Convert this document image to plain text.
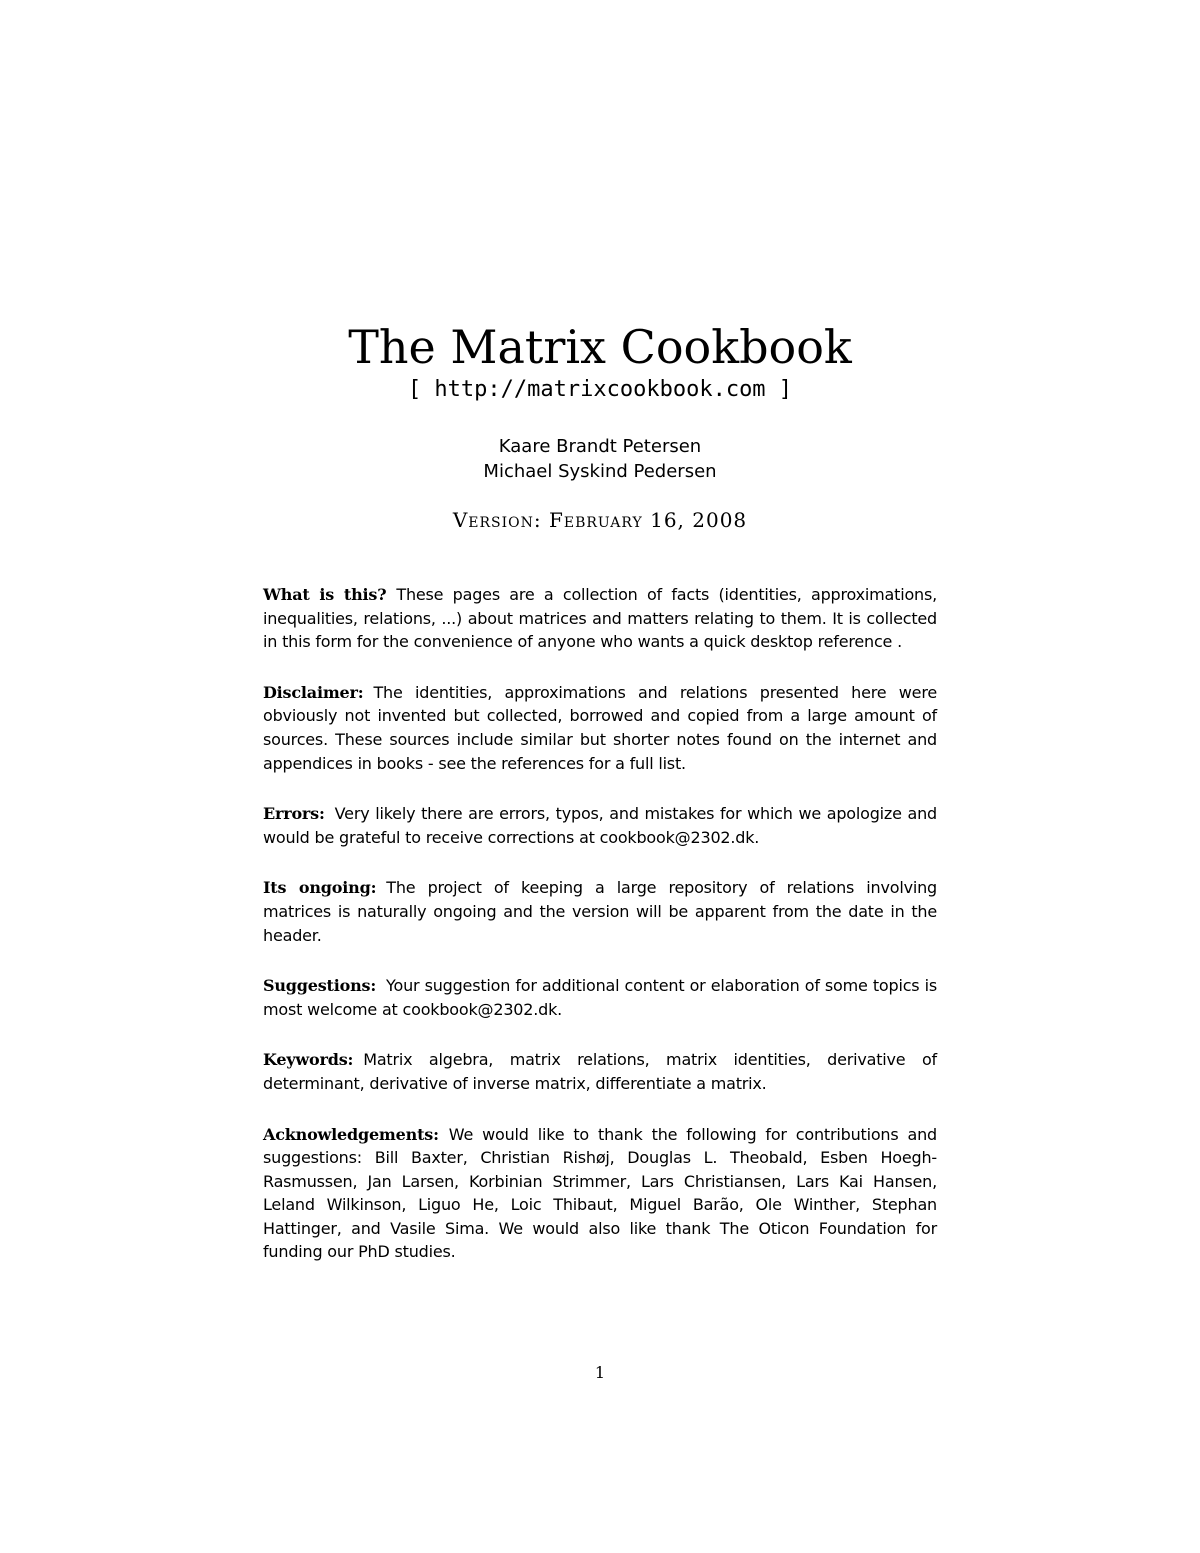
The Matrix Cookbook
[ http://matrixcookbook.com ]
Kaare Brandt Petersen
Michael Syskind Pedersen
Version: February 16, 2008

What is this? These pages are a collection of facts (identities, approximations, inequalities, relations, ...) about matrices and matters relating to them. It is collected in this form for the convenience of anyone who wants a quick desktop reference .

Disclaimer: The identities, approximations and relations presented here were obviously not invented but collected, borrowed and copied from a large amount of sources. These sources include similar but shorter notes found on the internet and appendices in books - see the references for a full list.

Errors: Very likely there are errors, typos, and mistakes for which we apologize and would be grateful to receive corrections at cookbook@2302.dk.

Its ongoing: The project of keeping a large repository of relations involving matrices is naturally ongoing and the version will be apparent from the date in the header.

Suggestions: Your suggestion for additional content or elaboration of some topics is most welcome at cookbook@2302.dk.

Keywords: Matrix algebra, matrix relations, matrix identities, derivative of determinant, derivative of inverse matrix, differentiate a matrix.

Acknowledgements: We would like to thank the following for contributions and suggestions: Bill Baxter, Christian Rishøj, Douglas L. Theobald, Esben Hoegh-Rasmussen, Jan Larsen, Korbinian Strimmer, Lars Christiansen, Lars Kai Hansen, Leland Wilkinson, Liguo He, Loic Thibaut, Miguel Barão, Ole Winther, Stephan Hattinger, and Vasile Sima. We would also like thank The Oticon Foundation for funding our PhD studies.

1
